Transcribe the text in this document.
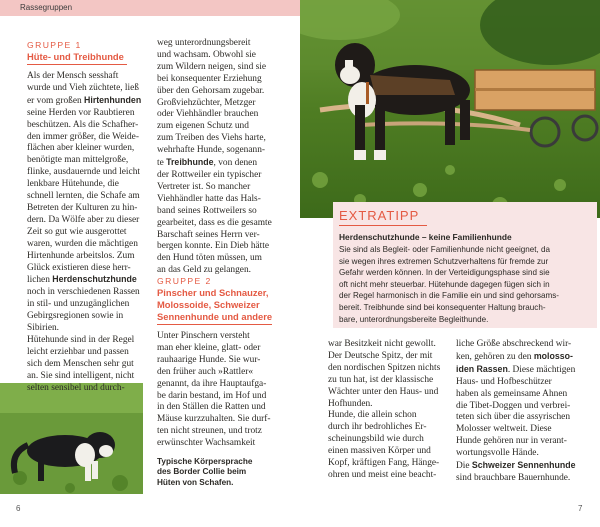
Rassegruppen
GRUPPE 1
Hüte- und Treibhunde

Als der Mensch sesshaft

wurde und Vieh züchtete, ließ

er vom großen Hirtenhunden

seine Herden vor Raubtieren

beschützen. Als die Schafher-

den immer größer, die Weide-

flächen aber kleiner wurden,

benötigte man mittelgroße,

flinke, ausdauernde und leicht

lenkbare Hütehunde, die

schnell lernten, die Schafe am

Betreten der Kulturen zu hin-

dern. Da Wölfe aber zu dieser

Zeit so gut wie ausgerottet

waren, wurden die mächtigen

Hirtenhunde arbeitslos. Zum

Glück existieren diese herr-

lichen Herdenschutzhunde

noch in verschiedenen Rassen

in stil- und unzugänglichen

Gebirgsregionen sowie in

Sibirien.

Hütehunde sind in der Regel

leicht erziehbar und passen

sich dem Menschen sehr gut

an. Sie sind intelligent, nicht

selten sensibel und durch-

weg unterordnungsbereit

und wachsam. Obwohl sie

zum Wildern neigen, sind sie

bei konsequenter Erziehung

über den Gehorsam zugebar.

Großviehzüchter, Metzger

oder Viehhändler brauchen

zum eigenen Schutz und

zum Treiben des Viehs harte,

wehrhafte Hunde, sogenann-

te Treibhunde, von denen

der Rottweiler ein typischer

Vertreter ist. So mancher

Viehhändler hatte das Hals-

band seines Rottweilers so

gearbeitet, dass es die gesamte

Barschaft seines Herrn ver-

bergen konnte. Ein Dieb hätte

den Hund töten müssen, um

an das Geld zu gelangen.

GRUPPE 2
Pinscher und Schnauzer,
Molossoide, Schweizer
Sennenhunde und andere

Unter Pinschern versteht

man eher kleine, glatt- oder

rauhaarige Hunde. Sie wur-

den früher auch »Rattler«

genannt, da ihre Hauptaufga-

be darin bestand, im Hof und

in den Ställen die Ratten und

Mäuse kurzzuhalten. Sie durf-

ten nicht streunen, und trotz

erwünschter Wachsamkeit

Typische Körpersprache
des Border Collie beim
Hüten von Schafen.
EXTRATIPP
Herdenschutzhunde – keine Familienhunde
Sie sind als Begleit- oder Familienhunde nicht geeignet, da
sie wegen ihres extremen Schutzverhaltens für fremde zur
Gefahr werden können. In der Verteidigungsphase sind sie
oft nicht mehr steuerbar. Hütehunde dagegen fügen sich in
der Regel harmonisch in die Familie ein und sind gehorsams-
bereit. Treibhunde sind bei konsequenter Haltung brauch-
bare, unterordnungsbereite Begleithunde.

war Besitzkeit nicht gewollt.

Der Deutsche Spitz, der mit

den nordischen Spitzen nichts

zu tun hat, ist der klassische

Wächter unter den Haus- und

Hofhunden.

Hunde, die allein schon

durch ihr bedrohliches Er-

scheinungsbild wie durch

einen massiven Körper und

Kopf, kräftigen Fang, Hänge-

ohren und meist eine beacht-

liche Größe abschreckend wir-

ken, gehören zu den molosso-

iden Rassen. Diese mächtigen

Haus- und Hofbeschützer

haben als gemeinsame Ahnen

die Tibet-Doggen und verbrei-

teten sich über die assyrischen

Molosser weltweit. Diese

Hunde gehören nur in verant-

wortungsvolle Hände.

Die Schweizer Sennenhunde

sind brauchbare Bauernhunde.

6	7
